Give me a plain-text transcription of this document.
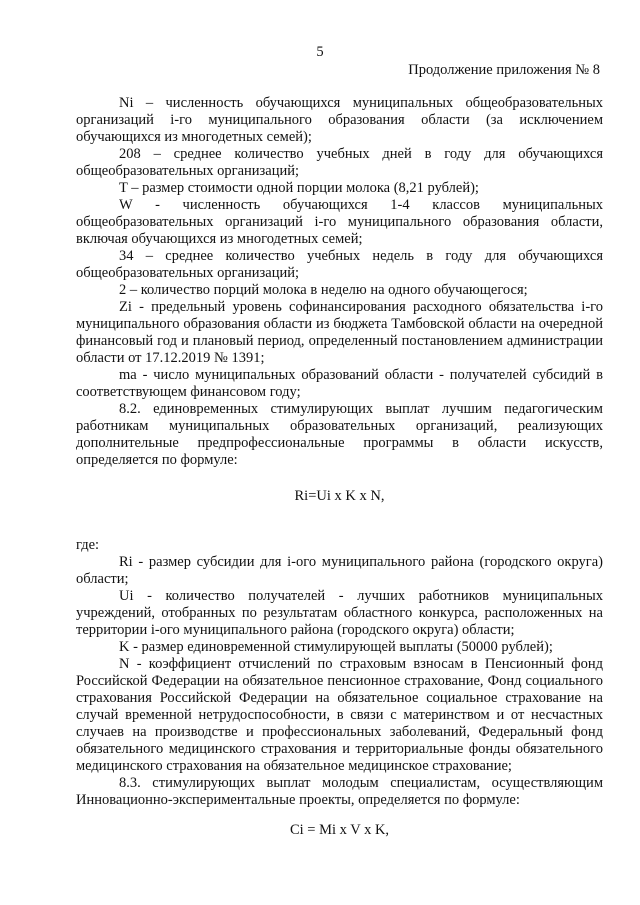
5
Продолжение приложения № 8

Ni – численность обучающихся муниципальных общеобразовательных организаций i-го муниципального образования области (за исключением обучающихся из многодетных семей);

208 – среднее количество учебных дней в году для обучающихся общеобразовательных организаций;

T – размер стоимости одной порции молока (8,21 рублей);

W - численность обучающихся 1-4 классов муниципальных общеобразовательных организаций i-го муниципального образования области, включая обучающихся из многодетных семей;

34 – среднее количество учебных недель в году для обучающихся общеобразовательных организаций;

2 – количество порций молока в неделю на одного обучающегося;

Zi - предельный уровень софинансирования расходного обязательства i-го муниципального образования области из бюджета Тамбовской области на очередной финансовый год и плановый период, определенный постановлением администрации области от 17.12.2019 № 1391;

ma - число муниципальных образований области - получателей субсидий в соответствующем финансовом году;

8.2. единовременных стимулирующих выплат лучшим педагогическим работникам муниципальных образовательных организаций, реализующих дополнительные предпрофессиональные программы в области искусств, определяется по формуле:

Ri=Ui x K x N,

где:

Ri - размер субсидии для i-ого муниципального района (городского округа) области;

Ui - количество получателей - лучших работников муниципальных учреждений, отобранных по результатам областного конкурса, расположенных на территории i-ого муниципального района (городского округа) области;

K - размер единовременной стимулирующей выплаты (50000 рублей);

N - коэффициент отчислений по страховым взносам в Пенсионный фонд Российской Федерации на обязательное пенсионное страхование, Фонд социального страхования Российской Федерации на обязательное социальное страхование на случай временной нетрудоспособности, в связи с материнством и от несчастных случаев на производстве и профессиональных заболеваний, Федеральный фонд обязательного медицинского страхования и территориальные фонды обязательного медицинского страхования на обязательное медицинское страхование;

8.3. стимулирующих выплат молодым специалистам, осуществляющим Инновационно-экспериментальные проекты, определяется по формуле:

Ci = Mi x V x K,
